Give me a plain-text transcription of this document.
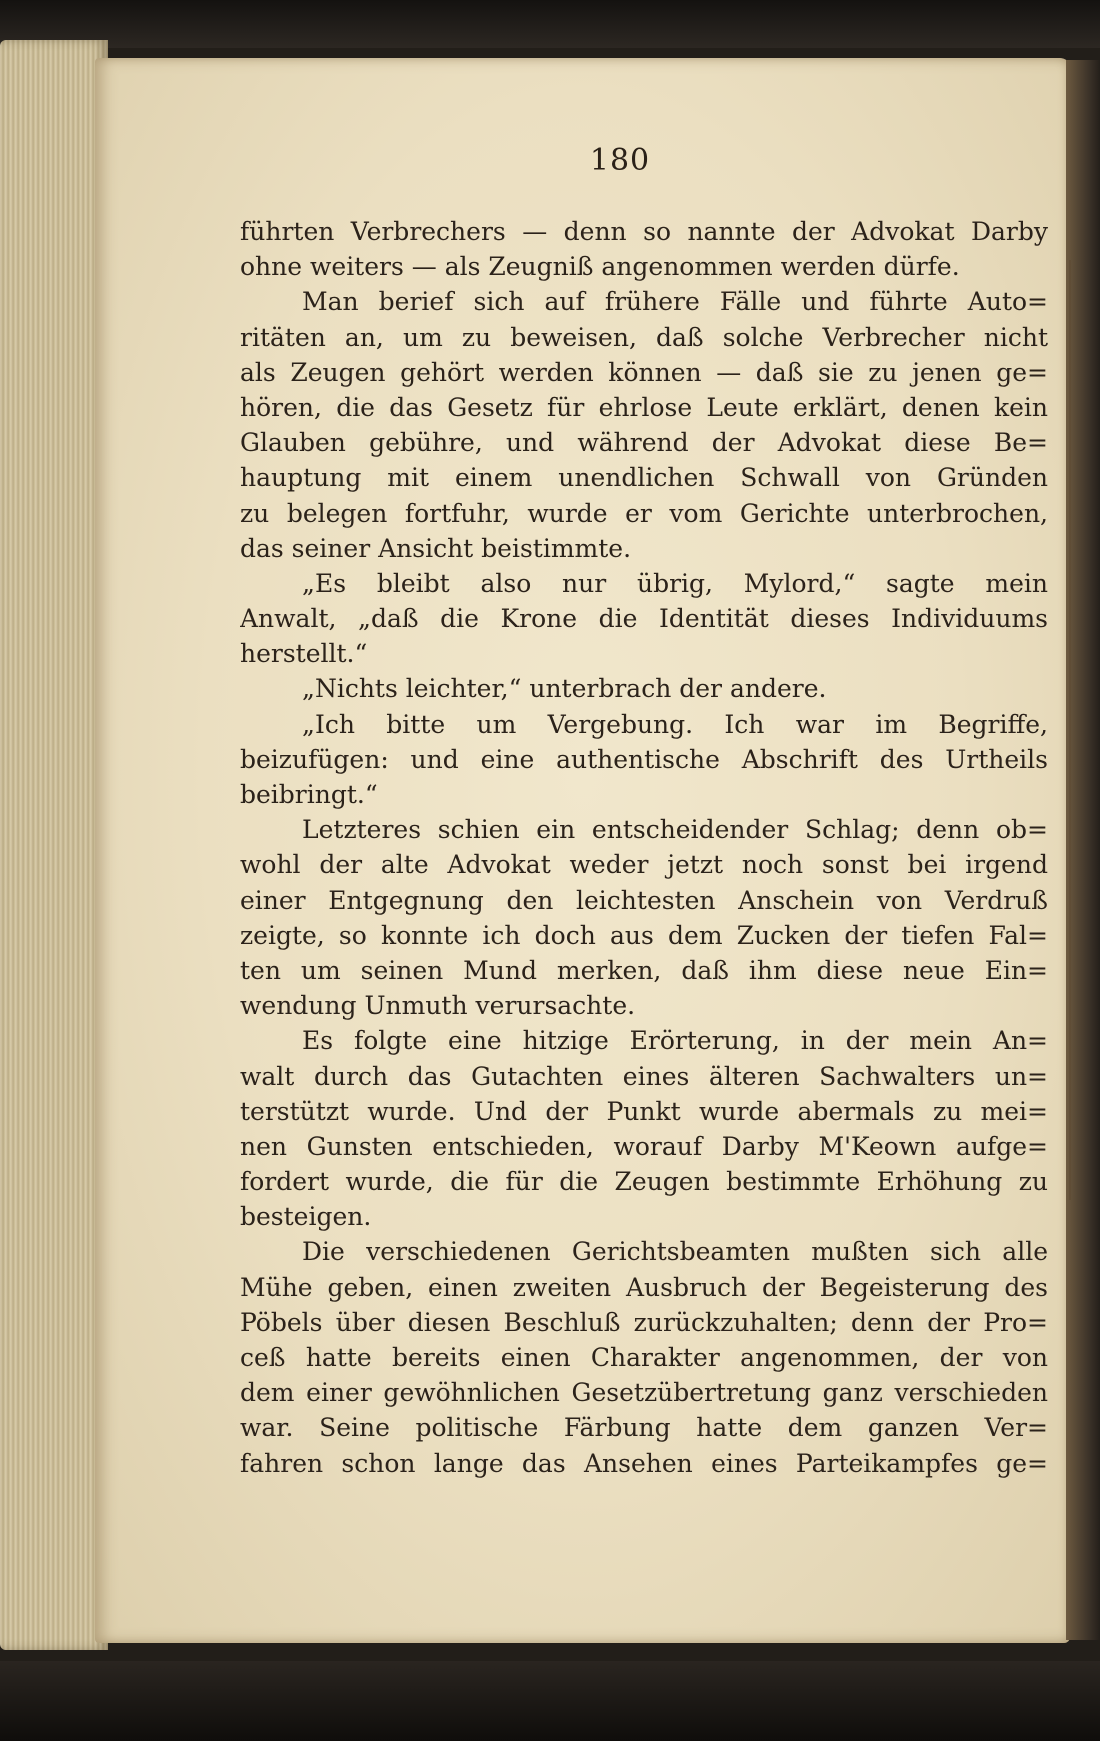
180
führten Verbrechers — denn so nannte der Advokat Darby
ohne weiters — als Zeugniß angenommen werden dürfe.
Man berief sich auf frühere Fälle und führte Auto=
ritäten an, um zu beweisen, daß solche Verbrecher nicht
als Zeugen gehört werden können — daß sie zu jenen ge=
hören, die das Gesetz für ehrlose Leute erklärt, denen kein
Glauben gebühre, und während der Advokat diese Be=
hauptung mit einem unendlichen Schwall von Gründen
zu belegen fortfuhr, wurde er vom Gerichte unterbrochen,
das seiner Ansicht beistimmte.
„Es bleibt also nur übrig, Mylord,“ sagte mein
Anwalt, „daß die Krone die Identität dieses Individuums
herstellt.“
„Nichts leichter,“ unterbrach der andere.
„Ich bitte um Vergebung. Ich war im Begriffe,
beizufügen: und eine authentische Abschrift des Urtheils
beibringt.“
Letzteres schien ein entscheidender Schlag; denn ob=
wohl der alte Advokat weder jetzt noch sonst bei irgend
einer Entgegnung den leichtesten Anschein von Verdruß
zeigte, so konnte ich doch aus dem Zucken der tiefen Fal=
ten um seinen Mund merken, daß ihm diese neue Ein=
wendung Unmuth verursachte.
Es folgte eine hitzige Erörterung, in der mein An=
walt durch das Gutachten eines älteren Sachwalters un=
terstützt wurde. Und der Punkt wurde abermals zu mei=
nen Gunsten entschieden, worauf Darby M'Keown aufge=
fordert wurde, die für die Zeugen bestimmte Erhöhung zu
besteigen.
Die verschiedenen Gerichtsbeamten mußten sich alle
Mühe geben, einen zweiten Ausbruch der Begeisterung des
Pöbels über diesen Beschluß zurückzuhalten; denn der Pro=
ceß hatte bereits einen Charakter angenommen, der von
dem einer gewöhnlichen Gesetzübertretung ganz verschieden
war. Seine politische Färbung hatte dem ganzen Ver=
fahren schon lange das Ansehen eines Parteikampfes ge=
